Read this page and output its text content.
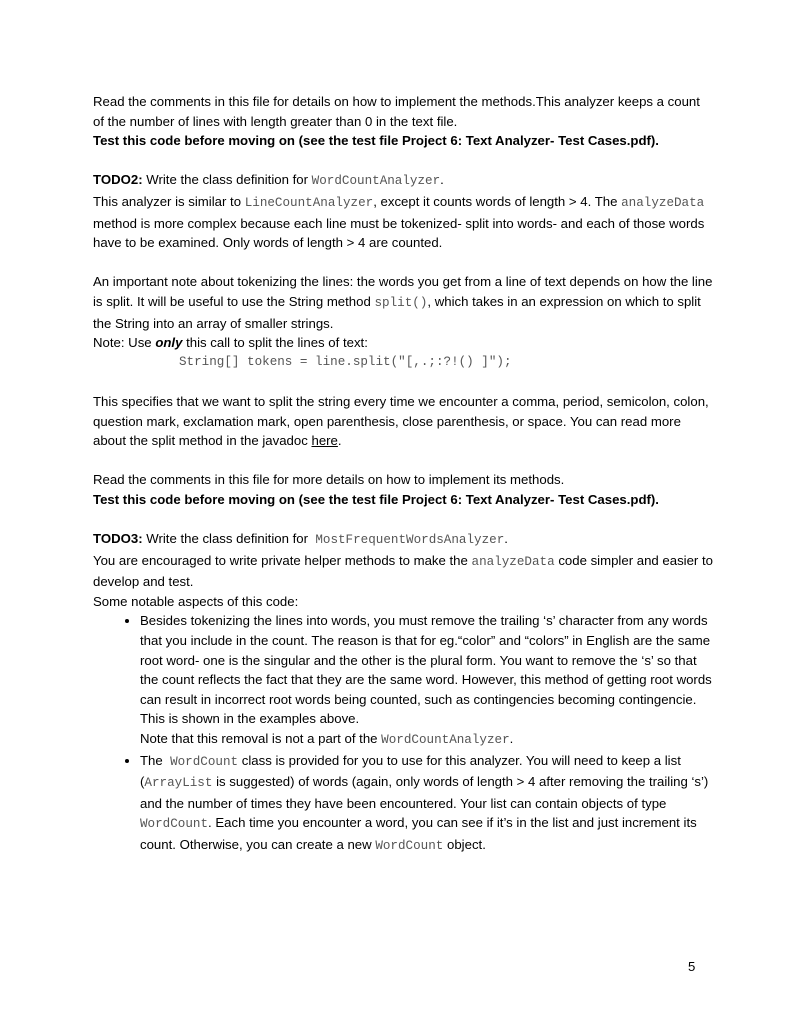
Read the comments in this file for details on how to implement the methods.This analyzer keeps a count of the number of lines with length greater than 0 in the text file.
Test this code before moving on (see the test file Project 6: Text Analyzer- Test Cases.pdf).

TODO2: Write the class definition for WordCountAnalyzer.
This analyzer is similar to LineCountAnalyzer, except it counts words of length > 4. The analyzeData method is more complex because each line must be tokenized- split into words- and each of those words have to be examined. Only words of length > 4 are counted.

An important note about tokenizing the lines: the words you get from a line of text depends on how the line is split. It will be useful to use the String method split(), which takes in an expression on which to split the String into an array of smaller strings.
Note: Use only this call to split the lines of text:

String[] tokens = line.split("[,.;:?!() ]");

This specifies that we want to split the string every time we encounter a comma, period, semicolon, colon, question mark, exclamation mark, open parenthesis, close parenthesis, or space. You can read more about the split method in the javadoc here.

Read the comments in this file for more details on how to implement its methods.
Test this code before moving on (see the test file Project 6: Text Analyzer- Test Cases.pdf).

TODO3: Write the class definition for  MostFrequentWordsAnalyzer.
You are encouraged to write private helper methods to make the analyzeData code simpler and easier to develop and test.
Some notable aspects of this code:

• Besides tokenizing the lines into words, you must remove the trailing ‘s’ character from any words that you include in the count. The reason is that for eg.“color” and “colors” in English are the same root word- one is the singular and the other is the plural form. You want to remove the ‘s’ so that the count reflects the fact that they are the same word. However, this method of getting root words can result in incorrect root words being counted, such as contingencies becoming contingencie. This is shown in the examples above.
Note that this removal is not a part of the WordCountAnalyzer.
• The  WordCount class is provided for you to use for this analyzer. You will need to keep a list (ArrayList is suggested) of words (again, only words of length > 4 after removing the trailing ‘s’) and the number of times they have been encountered. Your list can contain objects of type WordCount. Each time you encounter a word, you can see if it’s in the list and just increment its count. Otherwise, you can create a new WordCount object.
5
